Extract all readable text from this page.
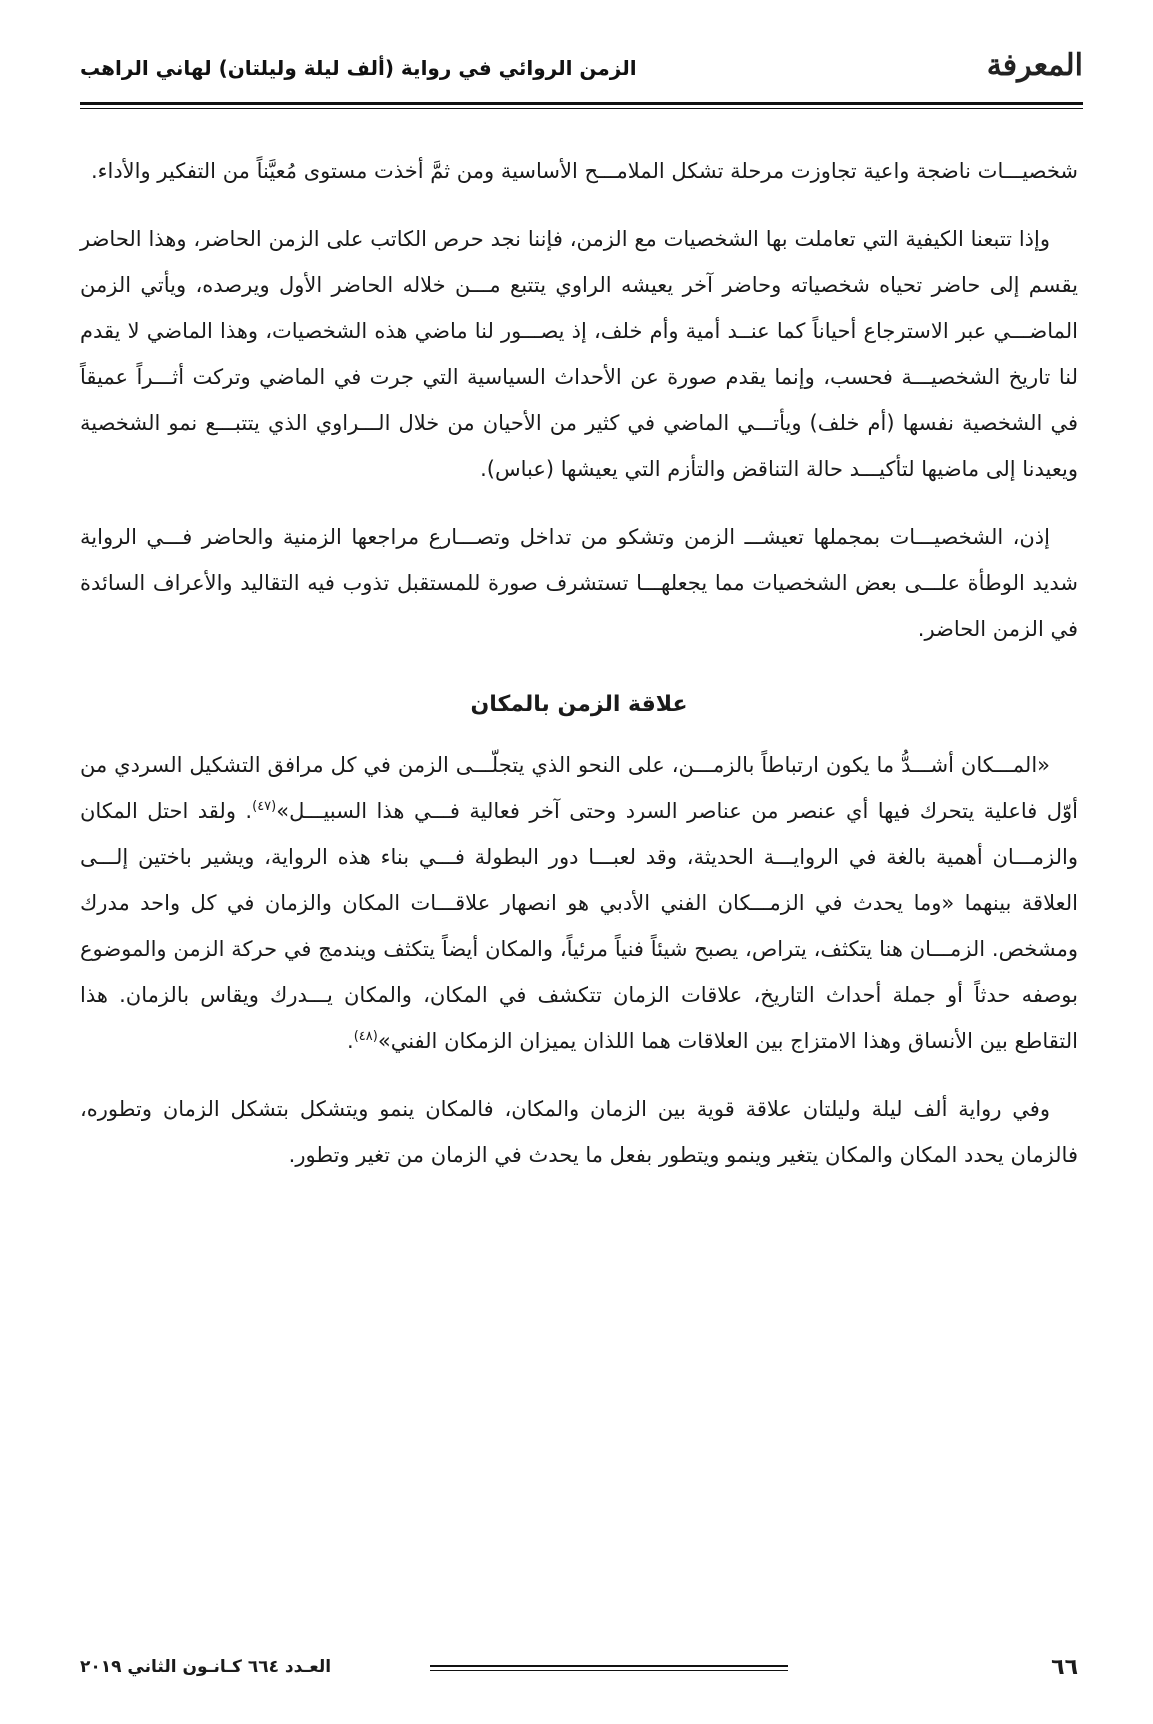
المعرفة
الزمن الروائي في رواية (ألف ليلة وليلتان) لهاني الراهب

شخصيـــات ناضجة واعية تجاوزت مرحلة تشكل الملامـــح الأساسية ومن ثمَّ أخذت مستوى مُعيَّناً من التفكير والأداء.

وإذا تتبعنا الكيفية التي تعاملت بها الشخصيات مع الزمن، فإننا نجد حرص الكاتب على الزمن الحاضر، وهذا الحاضر يقسم إلى حاضر تحياه شخصياته وحاضر آخر يعيشه الراوي يتتبع مـــن خلاله الحاضر الأول ويرصده، ويأتي الزمن الماضـــي عبر الاسترجاع أحياناً كما عنــد أمية وأم خلف، إذ يصـــور لنا ماضي هذه الشخصيات، وهذا الماضي لا يقدم لنا تاريخ الشخصيـــة فحسب، وإنما يقدم صورة عن الأحداث السياسية التي جرت في الماضي وتركت أثـــراً عميقاً في الشخصية نفسها (أم خلف) ويأتـــي الماضي في كثير من الأحيان من خلال الـــراوي الذي يتتبـــع نمو الشخصية ويعيدنا إلى ماضيها لتأكيـــد حالة التناقض والتأزم التي يعيشها (عباس).

إذن، الشخصيـــات بمجملها تعيشـــ الزمن وتشكو من تداخل وتصـــارع مراجعها الزمنية والحاضر فـــي الرواية شديد الوطأة علـــى بعض الشخصيات مما يجعلهـــا تستشرف صورة للمستقبل تذوب فيه التقاليد والأعراف السائدة في الزمن الحاضر.

علاقة الزمن بالمكان

«المـــكان أشـــدُّ ما يكون ارتباطاً بالزمـــن، على النحو الذي يتجلّـــى الزمن في كل مرافق التشكيل السردي من أوّل فاعلية يتحرك فيها أي عنصر من عناصر السرد وحتى آخر فعالية فـــي هذا السبيـــل»$^{(٤٧)}$. ولقد احتل المكان والزمـــان أهمية بالغة في الروايـــة الحديثة، وقد لعبـــا دور البطولة فـــي بناء هذه الرواية، ويشير باختين إلـــى العلاقة بينهما «وما يحدث في الزمـــكان الفني الأدبي هو انصهار علاقـــات المكان والزمان في كل واحد مدرك ومشخص. الزمـــان هنا يتكثف، يتراص، يصبح شيئاً فنياً مرئياً، والمكان أيضاً يتكثف ويندمج في حركة الزمن والموضوع بوصفه حدثاً أو جملة أحداث التاريخ، علاقات الزمان تتكشف في المكان، والمكان يـــدرك ويقاس بالزمان. هذا التقاطع بين الأنساق وهذا الامتزاج بين العلاقات هما اللذان يميزان الزمكان الفني»$^{(٤٨)}$.

وفي رواية ألف ليلة وليلتان علاقة قوية بين الزمان والمكان، فالمكان ينمو ويتشكل بتشكل الزمان وتطوره، فالزمان يحدد المكان والمكان يتغير وينمو ويتطور بفعل ما يحدث في الزمان من تغير وتطور.

٦٦
العـدد ٦٦٤ كـانـون الثاني ٢٠١٩
